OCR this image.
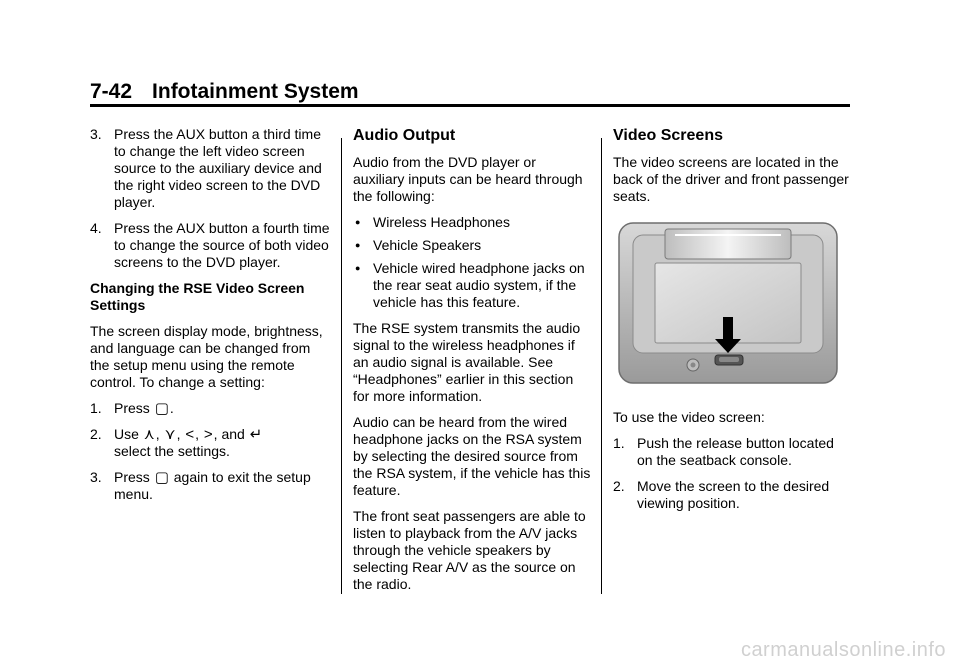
7-42 Infotainment System
3. Press the AUX button a third time to change the left video screen source to the auxiliary device and the right video screen to the DVD player.
4. Press the AUX button a fourth time to change the source of both video screens to the DVD player.

Changing the RSE Video Screen Settings

The screen display mode, brightness, and language can be changed from the setup menu using the remote control. To change a setting:

1. Press ▢.
2. Use ⋏, ⋎, <, >, and ↵
select the settings.
3. Press ▢ again to exit the setup menu.
Audio Output

Audio from the DVD player or auxiliary inputs can be heard through the following:

● Wireless Headphones
● Vehicle Speakers
● Vehicle wired headphone jacks on the rear seat audio system, if the vehicle has this feature.

The RSE system transmits the audio signal to the wireless headphones if an audio signal is available. See “Headphones” earlier in this section for more information.

Audio can be heard from the wired headphone jacks on the RSA system by selecting the desired source from the RSA system, if the vehicle has this feature.

The front seat passengers are able to listen to playback from the A/V jacks through the vehicle speakers by selecting Rear A/V as the source on the radio.

Video Screens

The video screens are located in the back of the driver and front passenger seats.

To use the video screen:

1. Push the release button located on the seatback console.
2. Move the screen to the desired viewing position.
carmanualsonline.info
